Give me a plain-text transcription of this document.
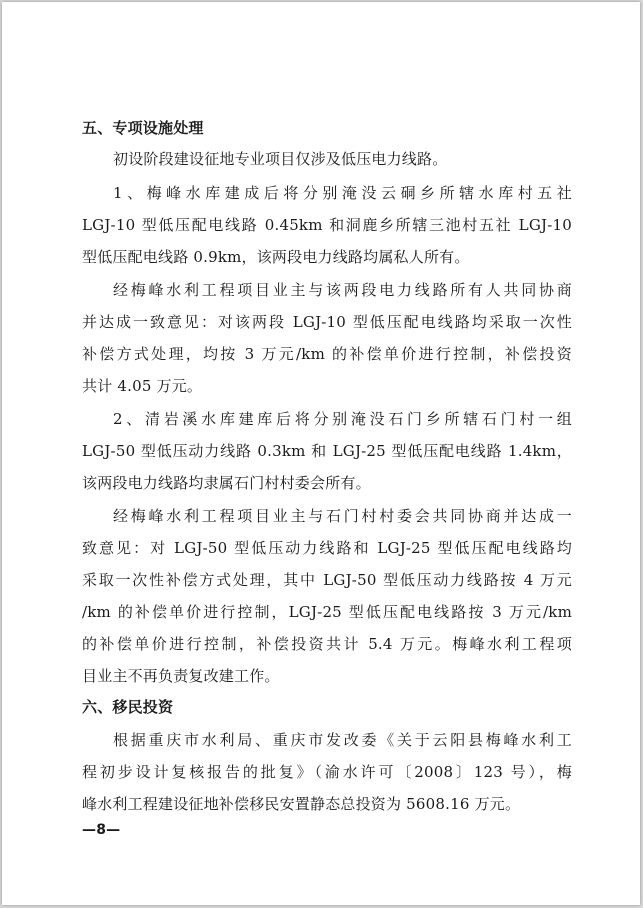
五、专项设施处理
初设阶段建设征地专业项目仅涉及低压电力线路。
1、梅峰水库建成后将分别淹没云硐乡所辖水库村五社
LGJ-10 型低压配电线路 0.45km 和洞鹿乡所辖三池村五社 LGJ-10
型低压配电线路 0.9km，该两段电力线路均属私人所有。
经梅峰水利工程项目业主与该两段电力线路所有人共同协商
并达成一致意见：对该两段 LGJ-10 型低压配电线路均采取一次性
补偿方式处理，均按 3 万元/km 的补偿单价进行控制，补偿投资
共计 4.05 万元。
2、清岩溪水库建库后将分别淹没石门乡所辖石门村一组
LGJ-50 型低压动力线路 0.3km 和 LGJ-25 型低压配电线路 1.4km，
该两段电力线路均隶属石门村村委会所有。
经梅峰水利工程项目业主与石门村村委会共同协商并达成一
致意见：对 LGJ-50 型低压动力线路和 LGJ-25 型低压配电线路均
采取一次性补偿方式处理，其中 LGJ-50 型低压动力线路按 4 万元
/km 的补偿单价进行控制，LGJ-25 型低压配电线路按 3 万元/km
的补偿单价进行控制，补偿投资共计 5.4 万元。梅峰水利工程项
目业主不再负责复改建工作。
六、移民投资
根据重庆市水利局、重庆市发改委《关于云阳县梅峰水利工
程初步设计复核报告的批复》（渝水许可〔2008〕123 号），梅
峰水利工程建设征地补偿移民安置静态总投资为 5608.16 万元。
—8—
